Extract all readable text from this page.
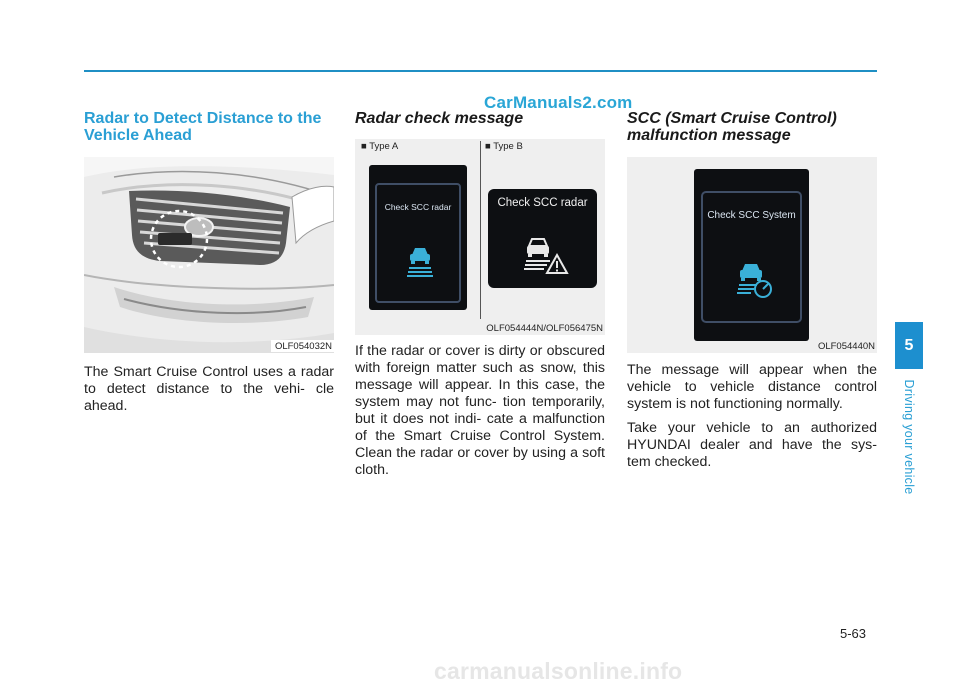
CarManuals2.com
Radar to Detect Distance to the Vehicle Ahead
OLF054032N

The Smart Cruise Control uses a radar to detect distance to the vehi- cle ahead.

Radar check message
■ Type A	■ Type B
Check SCC radar	Check SCC radar
OLF054444N/OLF056475N

If the radar or cover is dirty or obscured with foreign matter such as snow, this message will appear. In this case, the system may not func- tion temporarily, but it does not indi- cate a malfunction of the Smart Cruise Control System. Clean the radar or cover by using a soft cloth.

SCC (Smart Cruise Control) malfunction message
Check SCC System
OLF054440N

The message will appear when the vehicle to vehicle distance control system is not functioning normally.

Take your vehicle to an authorized HYUNDAI dealer and have the sys- tem checked.

5
Driving your vehicle
5-63
carmanualsonline.info
